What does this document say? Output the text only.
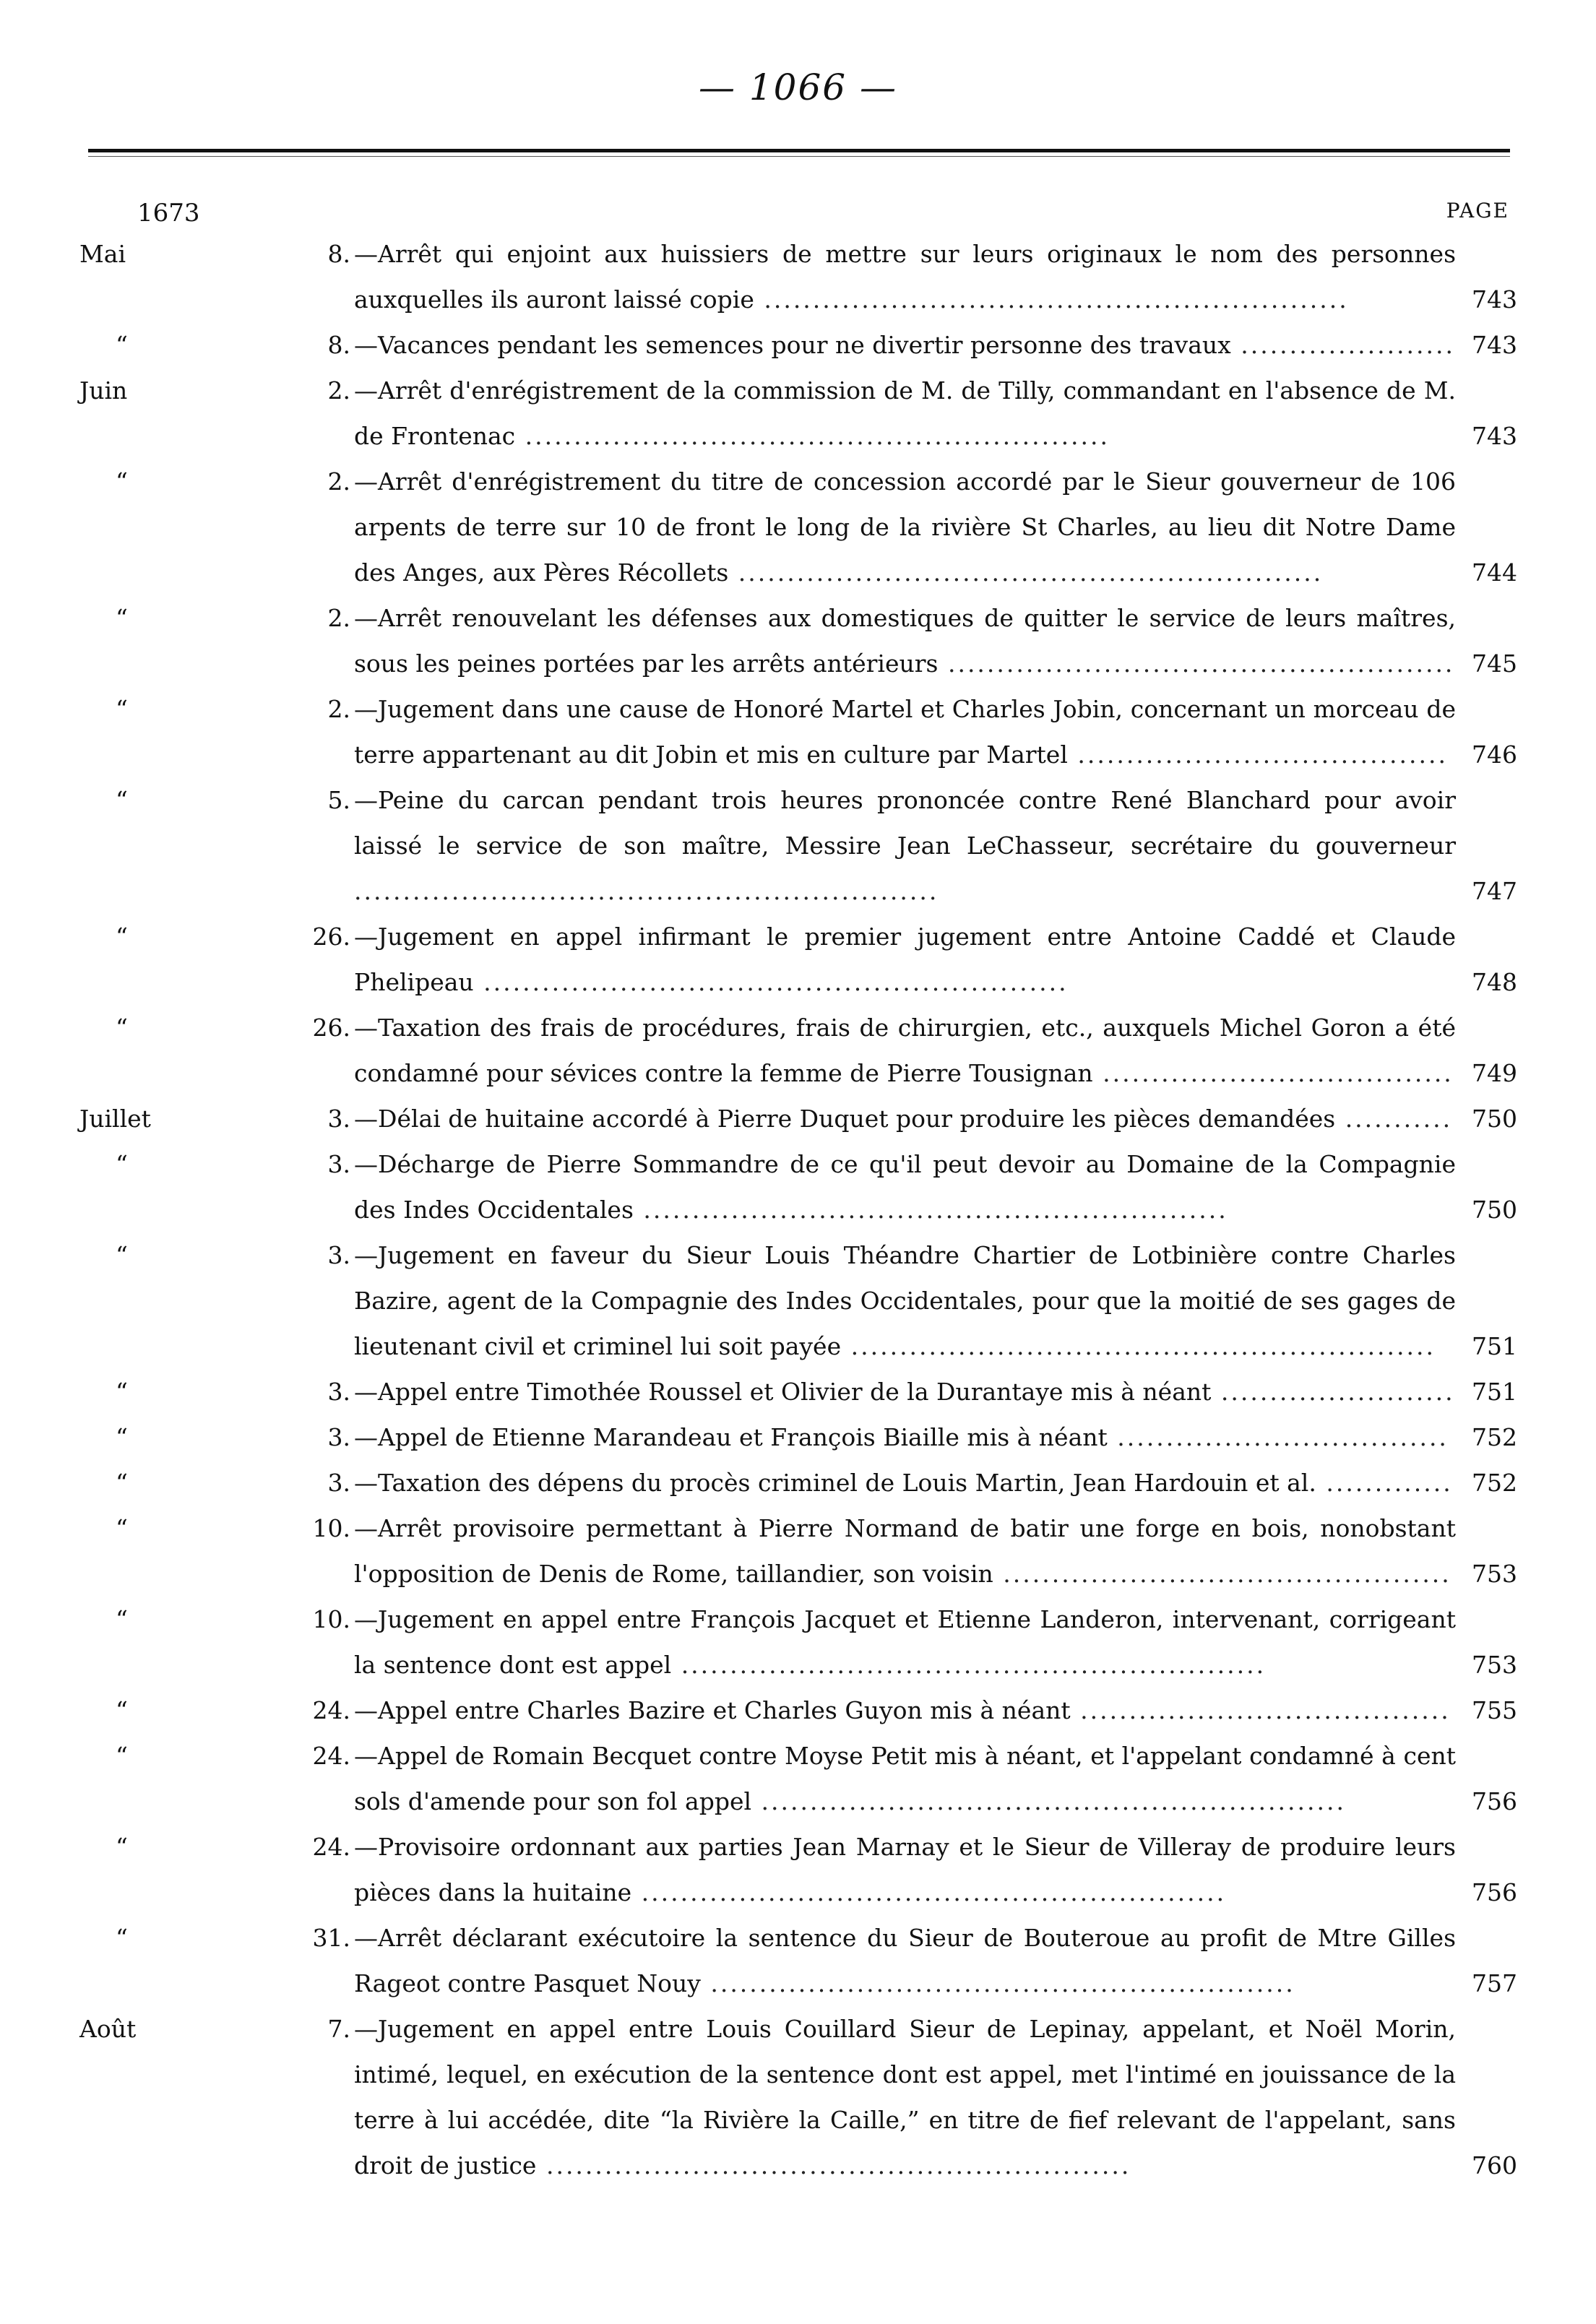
— 1066 —
1673	PAGE
Mai	8. —Arrêt qui enjoint aux huissiers de mettre sur leurs originaux le nom des personnes auxquelles ils auront laissé copie ............................................................	743
“	8. —Vacances pendant les semences pour ne divertir personne des travaux ...................... 743
Juin	2. —Arrêt d'enrégistrement de la commission de M. de Tilly, commandant en l'absence de M. de Frontenac ............................................................	743
“	2. —Arrêt d'enrégistrement du titre de concession accordé par le Sieur gouverneur de 106 arpents de terre sur 10 de front le long de la rivière St Charles, au lieu dit Notre Dame des Anges, aux Pères Récollets ............................................................	744
“	2. —Arrêt renouvelant les défenses aux domestiques de quitter le service de leurs maîtres, sous les peines portées par les arrêts antérieurs .................................................... 745
“	2. —Jugement dans une cause de Honoré Martel et Charles Jobin, concernant un morceau de terre appartenant au dit Jobin et mis en culture par Martel ......................................	746
“	5. —Peine du carcan pendant trois heures prononcée contre René Blanchard pour avoir laissé le service de son maître, Messire Jean LeChasseur, secrétaire du gouverneur ............................................................	747
“	26. —Jugement en appel infirmant le premier jugement entre Antoine Caddé et Claude Phelipeau ............................................................	748
“	26. —Taxation des frais de procédures, frais de chirurgien, etc., auxquels Michel Goron a été condamné pour sévices contre la femme de Pierre Tousignan .................................... 749
Juillet	3. —Délai de huitaine accordé à Pierre Duquet pour produire les pièces demandées ........... 750
“	3. —Décharge de Pierre Sommandre de ce qu'il peut devoir au Domaine de la Compagnie des Indes Occidentales ............................................................	750
“	3. —Jugement en faveur du Sieur Louis Théandre Chartier de Lotbinière contre Charles Bazire, agent de la Compagnie des Indes Occidentales, pour que la moitié de ses gages de lieutenant civil et criminel lui soit payée ............................................................	751
“	3. —Appel entre Timothée Roussel et Olivier de la Durantaye mis à néant ........................ 751
“	3. —Appel de Etienne Marandeau et François Biaille mis à néant .................................. 752
“	3. —Taxation des dépens du procès criminel de Louis Martin, Jean Hardouin et al. ............. 752
“	10. —Arrêt provisoire permettant à Pierre Normand de batir une forge en bois, nonobstant l'opposition de Denis de Rome, taillandier, son voisin .............................................. 753
“	10. —Jugement en appel entre François Jacquet et Etienne Landeron, intervenant, corrigeant la sentence dont est appel ............................................................	753
“	24. —Appel entre Charles Bazire et Charles Guyon mis à néant ...................................... 755
“	24. —Appel de Romain Becquet contre Moyse Petit mis à néant, et l'appelant condamné à cent sols d'amende pour son fol appel ............................................................	756
“	24. —Provisoire ordonnant aux parties Jean Marnay et le Sieur de Villeray de produire leurs pièces dans la huitaine ............................................................	756
“	31. —Arrêt déclarant exécutoire la sentence du Sieur de Bouteroue au profit de Mtre Gilles Rageot contre Pasquet Nouy ............................................................	757
Août	7. —Jugement en appel entre Louis Couillard Sieur de Lepinay, appelant, et Noël Morin, intimé, lequel, en exécution de la sentence dont est appel, met l'intimé en jouissance de la terre à lui accédée, dite “la Rivière la Caille,” en titre de fief relevant de l'appelant, sans droit de justice ............................................................	760
